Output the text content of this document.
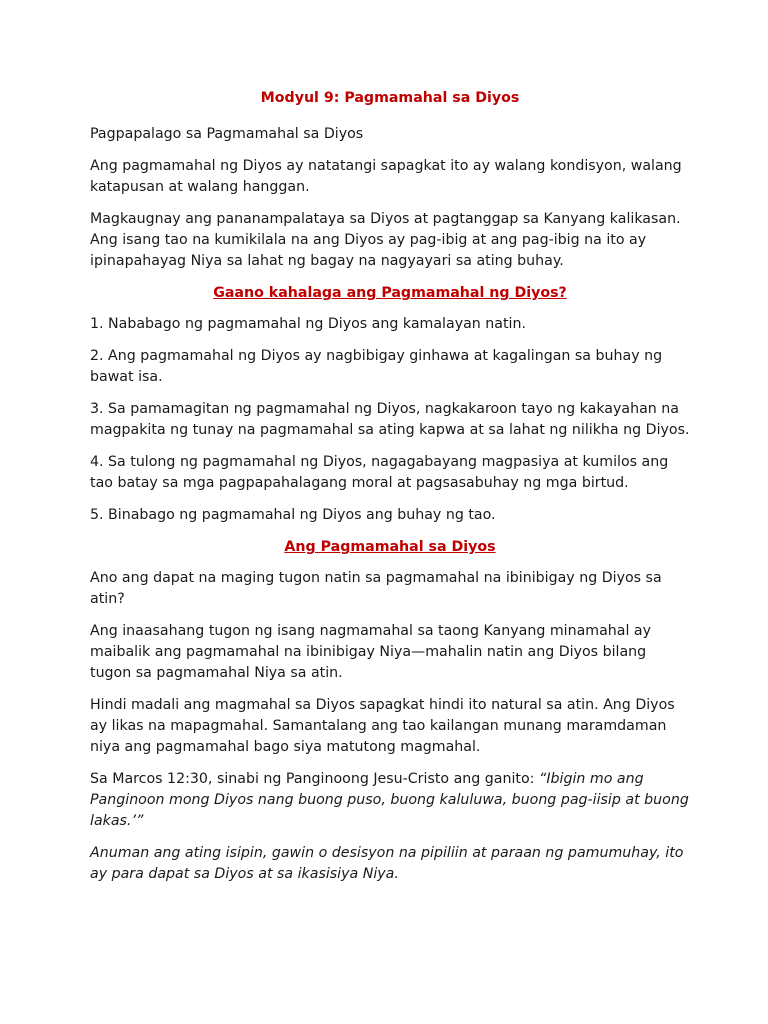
Modyul 9: Pagmamahal sa Diyos

Pagpapalago sa Pagmamahal sa Diyos

Ang pagmamahal ng Diyos ay natatangi sapagkat ito ay walang kondisyon, walang katapusan at walang hanggan.

Magkaugnay ang pananampalataya sa Diyos at pagtanggap sa Kanyang kalikasan. Ang isang tao na kumikilala na ang Diyos ay pag-ibig at ang pag-ibig na ito ay ipinapahayag Niya sa lahat ng bagay na nagyayari sa ating buhay.

Gaano kahalaga ang Pagmamahal ng Diyos?

1. Nababago ng pagmamahal ng Diyos ang kamalayan natin.

2. Ang pagmamahal ng Diyos ay nagbibigay ginhawa at kagalingan sa buhay ng bawat isa.

3. Sa pamamagitan ng pagmamahal ng Diyos, nagkakaroon tayo ng kakayahan na magpakita ng tunay na pagmamahal sa ating kapwa at sa lahat ng nilikha ng Diyos.

4. Sa tulong ng pagmamahal ng Diyos, nagagabayang magpasiya at kumilos ang tao batay sa mga pagpapahalagang moral at pagsasabuhay ng mga birtud.

5. Binabago ng pagmamahal ng Diyos ang buhay ng tao.

Ang Pagmamahal sa Diyos

Ano ang dapat na maging tugon natin sa pagmamahal na ibinibigay ng Diyos sa atin?

Ang inaasahang tugon ng isang nagmamahal sa taong Kanyang minamahal ay maibalik ang pagmamahal na ibinibigay Niya—mahalin natin ang Diyos bilang tugon sa pagmamahal Niya sa atin.

Hindi madali ang magmahal sa Diyos sapagkat hindi ito natural sa atin. Ang Diyos ay likas na mapagmahal. Samantalang ang tao kailangan munang maramdaman niya ang pagmamahal bago siya matutong magmahal.

Sa Marcos 12:30, sinabi ng Panginoong Jesu-Cristo ang ganito: “Ibigin mo ang Panginoon mong Diyos nang buong puso, buong kaluluwa, buong pag-iisip at buong lakas.’”

Anuman ang ating isipin, gawin o desisyon na pipiliin at paraan ng pamumuhay, ito ay para dapat sa Diyos at sa ikasisiya Niya.
